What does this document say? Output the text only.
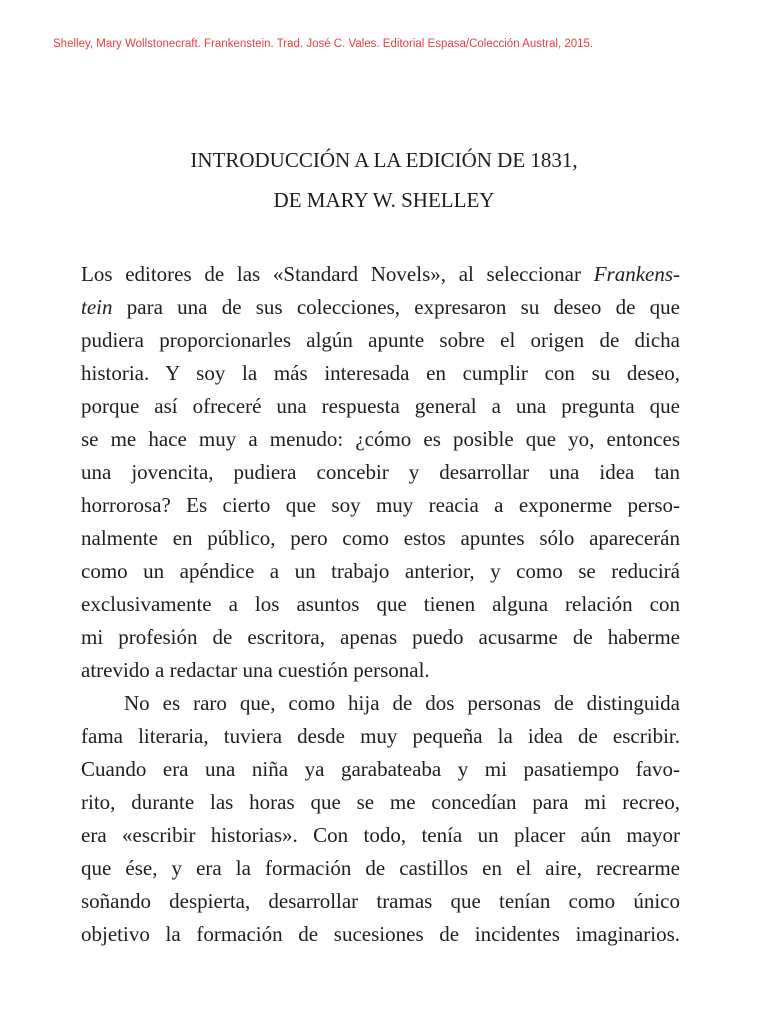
Shelley, Mary Wollstonecraft. Frankenstein. Trad. José C. Vales. Editorial Espasa/Colección Austral, 2015.
INTRODUCCIÓN A LA EDICIÓN DE 1831,
DE MARY W. SHELLEY
Los editores de las «Standard Novels», al seleccionar Frankens-
tein para una de sus colecciones, expresaron su deseo de que
pudiera proporcionarles algún apunte sobre el origen de dicha
historia. Y soy la más interesada en cumplir con su deseo,
porque así ofreceré una respuesta general a una pregunta que
se me hace muy a menudo: ¿cómo es posible que yo, entonces
una jovencita, pudiera concebir y desarrollar una idea tan
horrorosa? Es cierto que soy muy reacia a exponerme perso-
nalmente en público, pero como estos apuntes sólo aparecerán
como un apéndice a un trabajo anterior, y como se reducirá
exclusivamente a los asuntos que tienen alguna relación con
mi profesión de escritora, apenas puedo acusarme de haberme
atrevido a redactar una cuestión personal.
No es raro que, como hija de dos personas de distinguida
fama literaria, tuviera desde muy pequeña la idea de escribir.
Cuando era una niña ya garabateaba y mi pasatiempo favo-
rito, durante las horas que se me concedían para mi recreo,
era «escribir historias». Con todo, tenía un placer aún mayor
que ése, y era la formación de castillos en el aire, recrearme
soñando despierta, desarrollar tramas que tenían como único
objetivo la formación de sucesiones de incidentes imaginarios.
